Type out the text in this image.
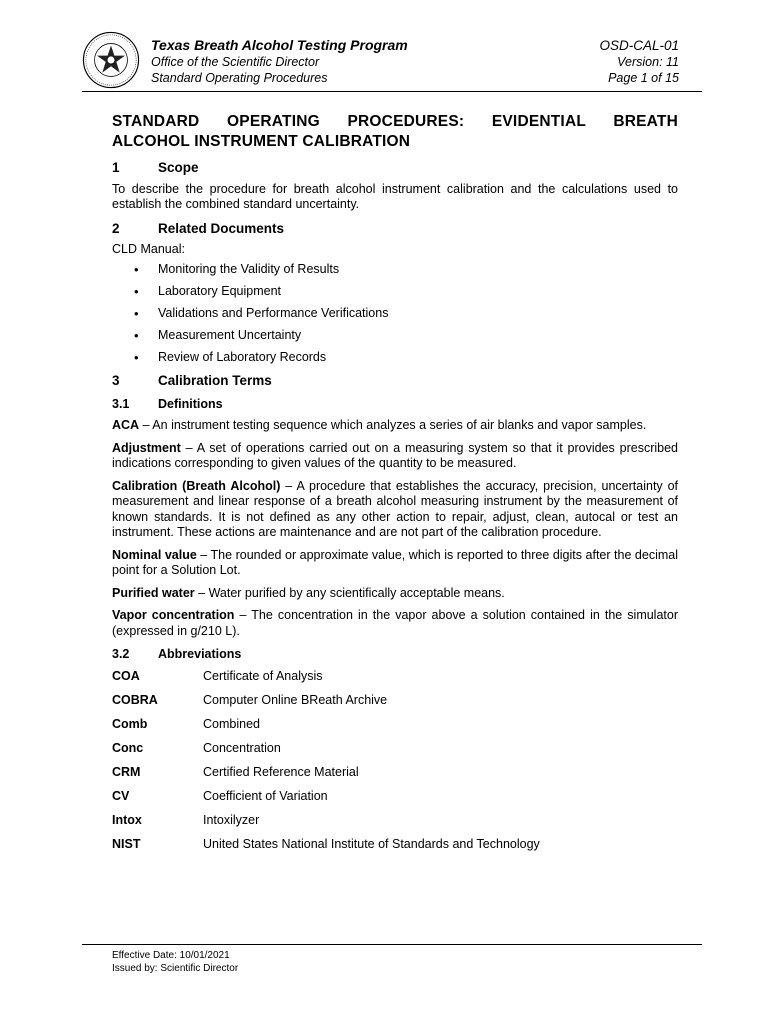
· · · ·	Texas Breath Alcohol Testing Program
Office of the Scientific Director
Standard Operating Procedures
OSD-CAL-01
Version: 11
Page 1 of 15
STANDARD OPERATING PROCEDURES: EVIDENTIAL BREATH
ALCOHOL INSTRUMENT CALIBRATION
1	Scope

To describe the procedure for breath alcohol instrument calibration and the calculations used to establish the combined standard uncertainty.

2	Related Documents

CLD Manual:

• Monitoring the Validity of Results
• Laboratory Equipment
• Validations and Performance Verifications
• Measurement Uncertainty
• Review of Laboratory Records
3	Calibration Terms
3.1	Definitions

ACA – An instrument testing sequence which analyzes a series of air blanks and vapor samples.

Adjustment – A set of operations carried out on a measuring system so that it provides prescribed indications corresponding to given values of the quantity to be measured.

Calibration (Breath Alcohol) – A procedure that establishes the accuracy, precision, uncertainty of measurement and linear response of a breath alcohol measuring instrument by the measurement of known standards. It is not defined as any other action to repair, adjust, clean, autocal or test an instrument. These actions are maintenance and are not part of the calibration procedure.

Nominal value – The rounded or approximate value, which is reported to three digits after the decimal point for a Solution Lot.

Purified water – Water purified by any scientifically acceptable means.

Vapor concentration – The concentration in the vapor above a solution contained in the simulator (expressed in g/210 L).

3.2	Abbreviations
COA	Certificate of Analysis
COBRA	Computer Online BReath Archive
Comb	Combined
Conc	Concentration
CRM	Certified Reference Material
CV	Coefficient of Variation
Intox	Intoxilyzer
NIST	United States National Institute of Standards and Technology
Effective Date: 10/01/2021
Issued by: Scientific Director
